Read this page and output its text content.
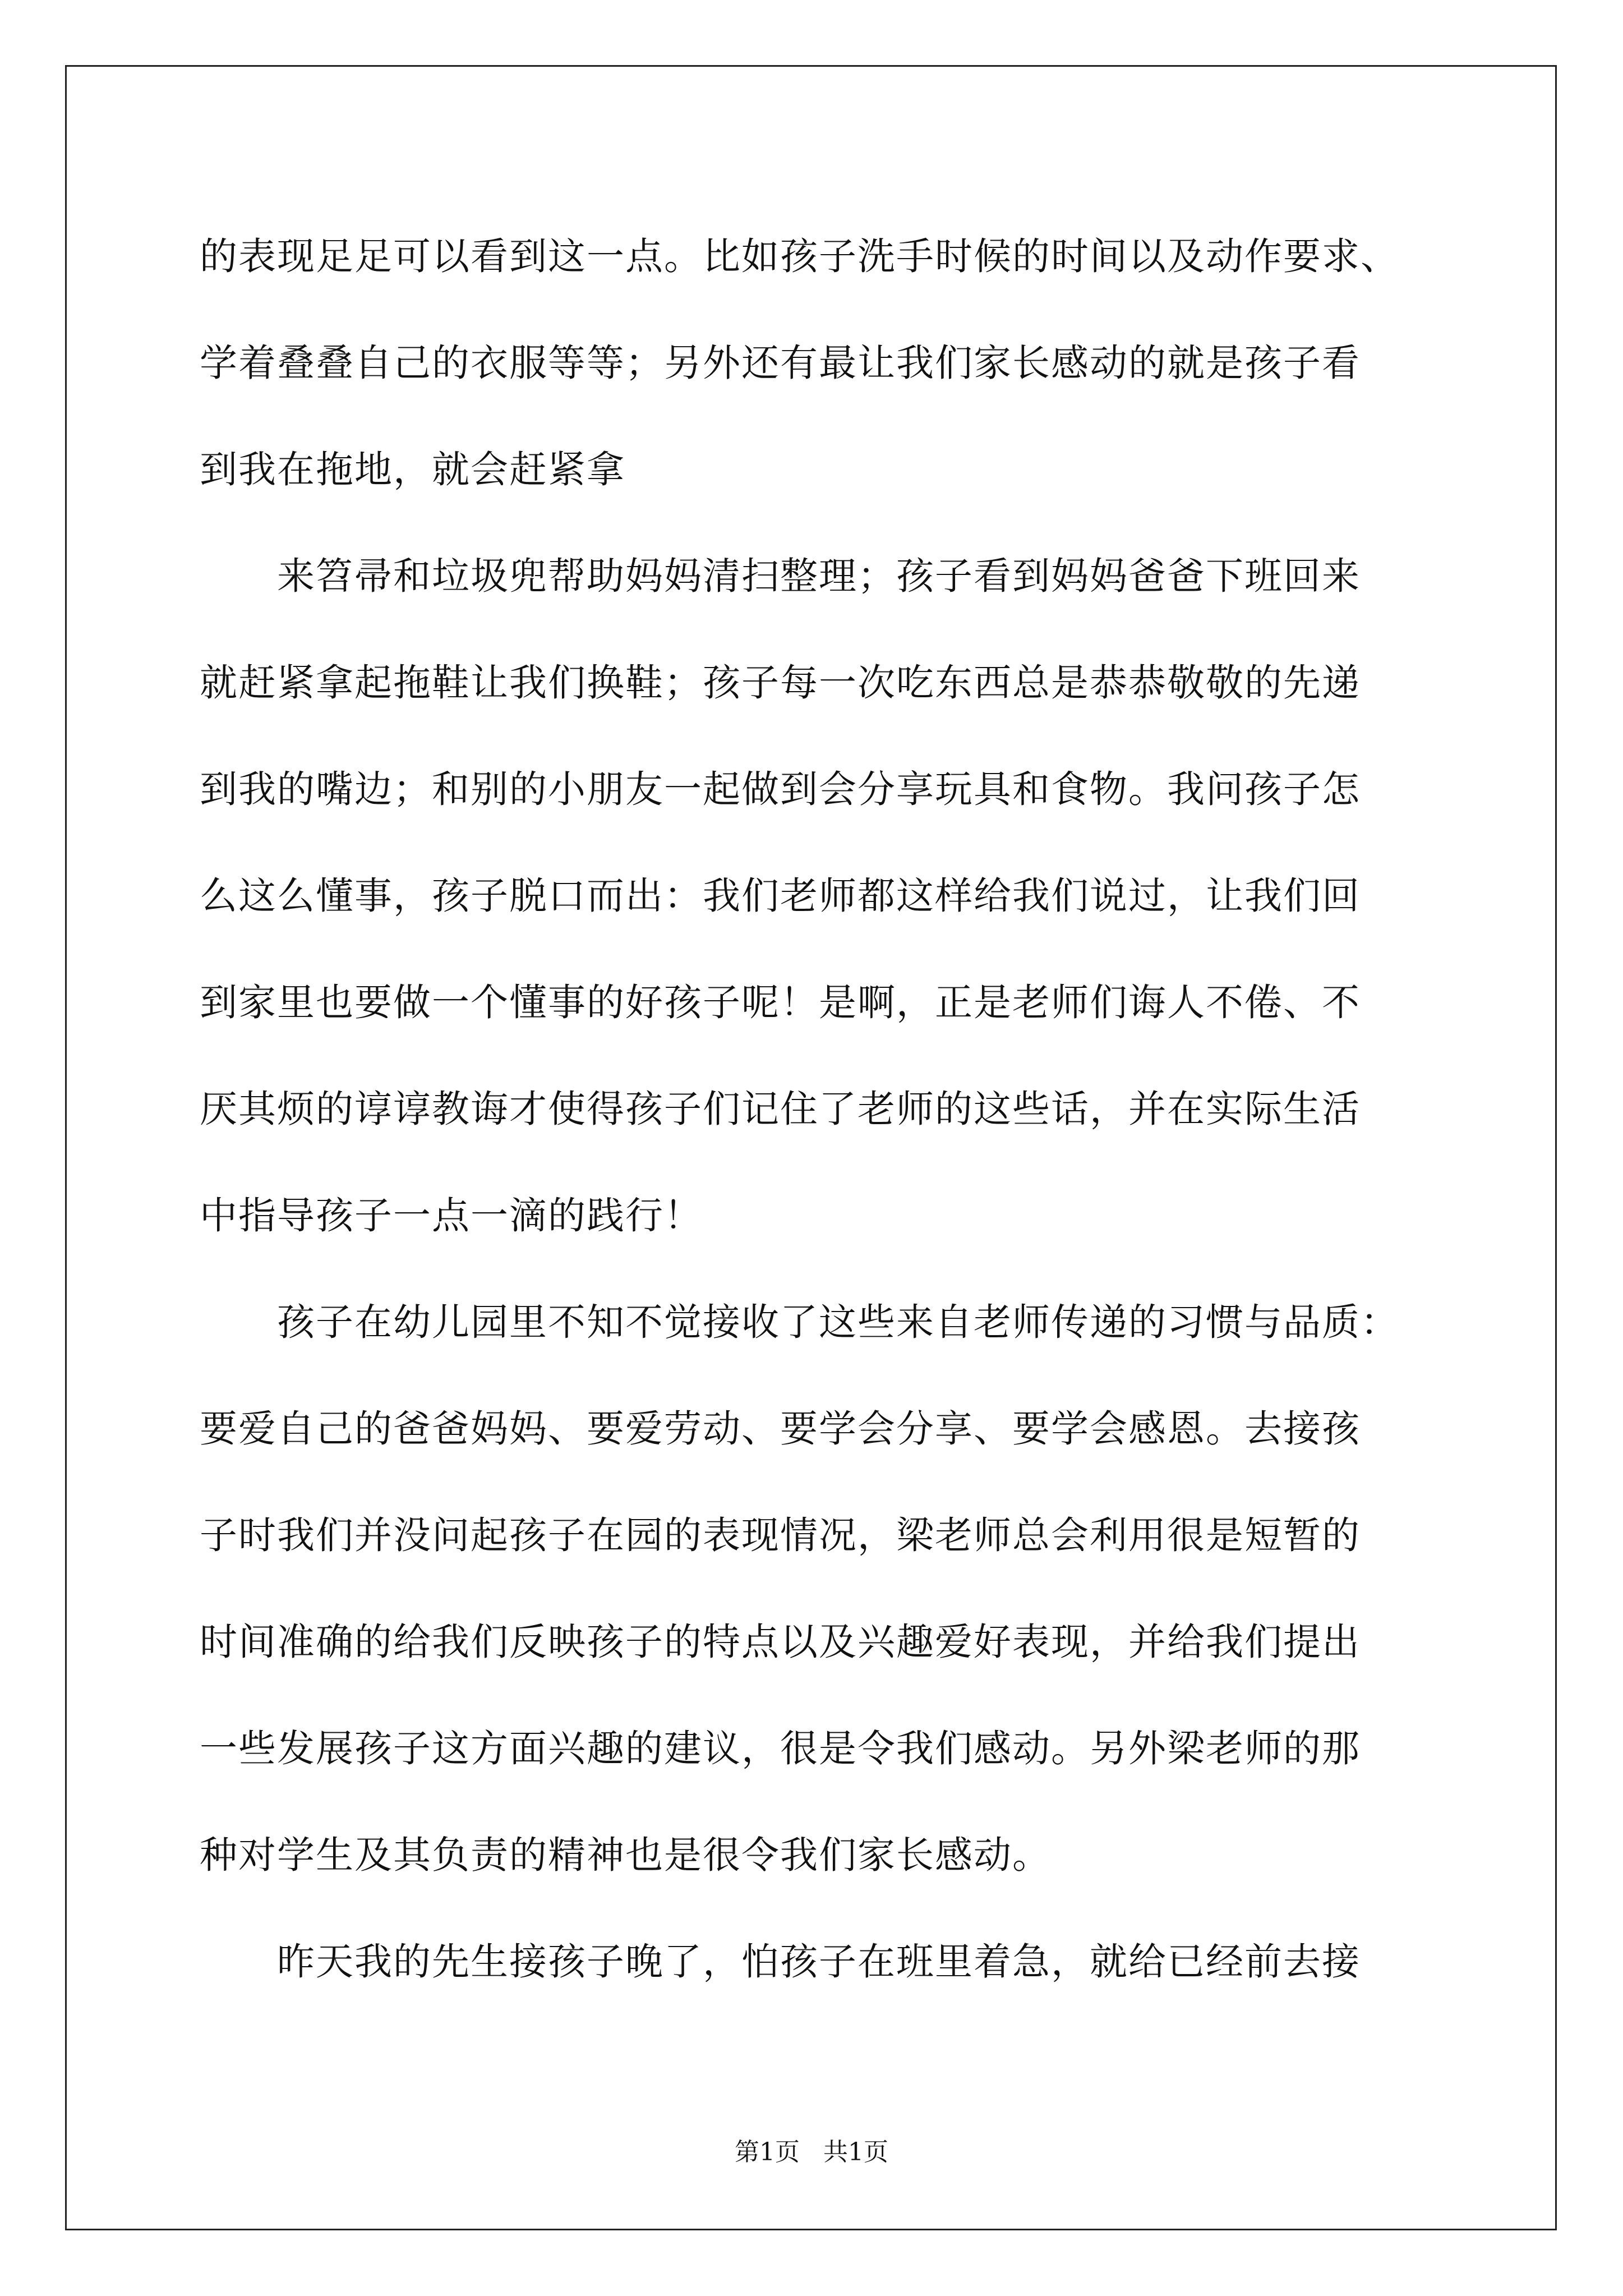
的表现足足可以看到这一点。比如孩子洗手时候的时间以及动作要求、
学着叠叠自己的衣服等等；另外还有最让我们家长感动的就是孩子看
到我在拖地，就会赶紧拿
来笤帚和垃圾兜帮助妈妈清扫整理；孩子看到妈妈爸爸下班回来
就赶紧拿起拖鞋让我们换鞋；孩子每一次吃东西总是恭恭敬敬的先递
到我的嘴边；和别的小朋友一起做到会分享玩具和食物。我问孩子怎
么这么懂事，孩子脱口而出：我们老师都这样给我们说过，让我们回
到家里也要做一个懂事的好孩子呢！是啊，正是老师们诲人不倦、不
厌其烦的谆谆教诲才使得孩子们记住了老师的这些话，并在实际生活
中指导孩子一点一滴的践行！
孩子在幼儿园里不知不觉接收了这些来自老师传递的习惯与品质：
要爱自己的爸爸妈妈、要爱劳动、要学会分享、要学会感恩。去接孩
子时我们并没问起孩子在园的表现情况，梁老师总会利用很是短暂的
时间准确的给我们反映孩子的特点以及兴趣爱好表现，并给我们提出
一些发展孩子这方面兴趣的建议，很是令我们感动。另外梁老师的那
种对学生及其负责的精神也是很令我们家长感动。
昨天我的先生接孩子晚了，怕孩子在班里着急，就给已经前去接
第1页 共1页
